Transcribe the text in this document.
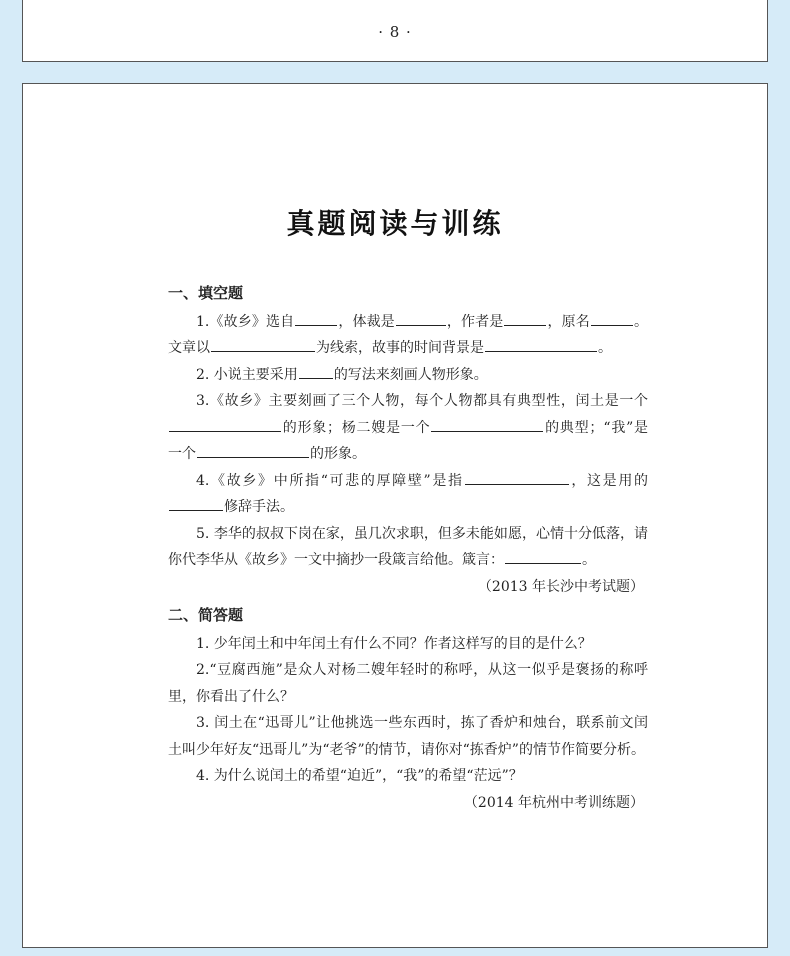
· 8 ·
真题阅读与训练
一、填空题

1.《故乡》选自	，体裁是	，作者是	，原名	。文章以	为线索，故事的时间背景是	。

2. 小说主要采用	的写法来刻画人物形象。

3.《故乡》主要刻画了三个人物，每个人物都具有典型性，闰土是一个的形象；杨二嫂是一个	的典型；“我”是一个	的形象。

4.《故乡》中所指“可悲的厚障壁”是指	，这是用的修辞手法。

5. 李华的叔叔下岗在家，虽几次求职，但多未能如愿，心情十分低落，请你代李华从《故乡》一文中摘抄一段箴言给他。箴言：	。

（2013 年长沙中考试题）
二、简答题

1. 少年闰土和中年闰土有什么不同？作者这样写的目的是什么？

2.“豆腐西施”是众人对杨二嫂年轻时的称呼，从这一似乎是褒扬的称呼里，你看出了什么？

3. 闰土在“迅哥儿”让他挑选一些东西时，拣了香炉和烛台，联系前文闰土叫少年好友“迅哥儿”为“老爷”的情节，请你对“拣香炉”的情节作简要分析。

4. 为什么说闰土的希望“迫近”，“我”的希望“茫远”？

（2014 年杭州中考训练题）
